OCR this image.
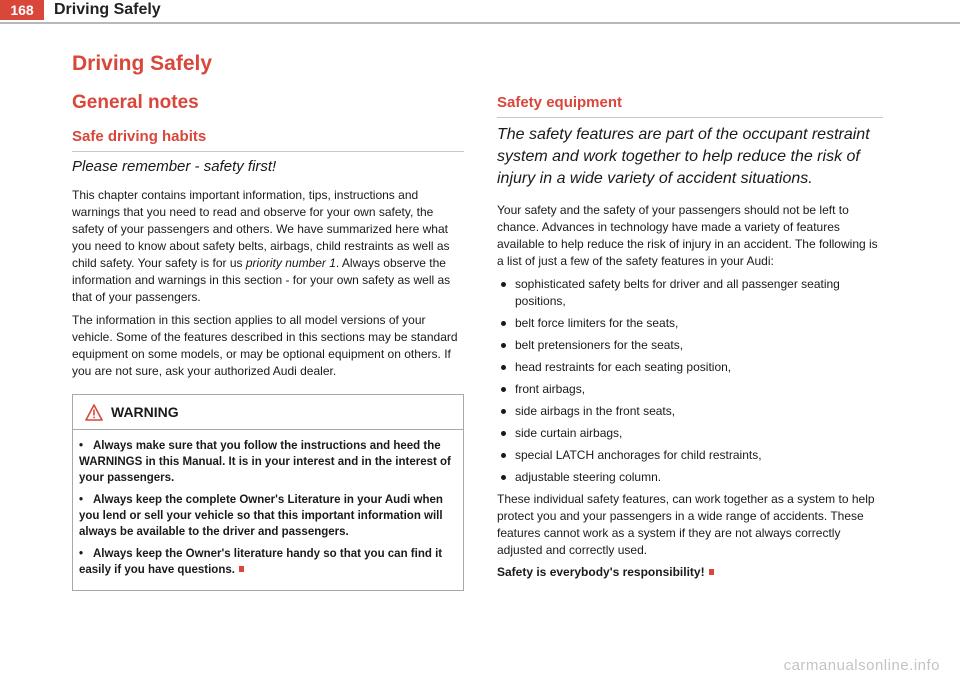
168	Driving Safely
Driving Safely
General notes
Safe driving habits
Please remember - safety first!

This chapter contains important information, tips, instructions and warnings that you need to read and observe for your own safety, the safety of your passengers and others. We have summarized here what you need to know about safety belts, airbags, child restraints as well as child safety. Your safety is for us priority number 1. Always observe the information and warnings in this section - for your own safety as well as that of your passengers.

The information in this section applies to all model versions of your vehicle. Some of the features described in this sections may be standard equipment on some models, or may be optional equipment on others. If you are not sure, ask your authorized Audi dealer.

WARNING
• Always make sure that you follow the instructions and heed the WARNINGS in this Manual. It is in your interest and in the interest of your passengers.
• Always keep the complete Owner's Literature in your Audi when you lend or sell your vehicle so that this important information will always be available to the driver and passengers.
• Always keep the Owner's literature handy so that you can find it easily if you have questions.
Safety equipment
The safety features are part of the occupant restraint system and work together to help reduce the risk of injury in a wide variety of accident situations.

Your safety and the safety of your passengers should not be left to chance. Advances in technology have made a variety of features available to help reduce the risk of injury in an accident. The following is a list of just a few of the safety features in your Audi:

sophisticated safety belts for driver and all passenger seating positions,
belt force limiters for the seats,
belt pretensioners for the seats,
head restraints for each seating position,
front airbags,
side airbags in the front seats,
side curtain airbags,
special LATCH anchorages for child restraints,
adjustable steering column.

These individual safety features, can work together as a system to help protect you and your passengers in a wide range of accidents. These features cannot work as a system if they are not always correctly adjusted and correctly used.

Safety is everybody's responsibility!
carmanualsonline.info
